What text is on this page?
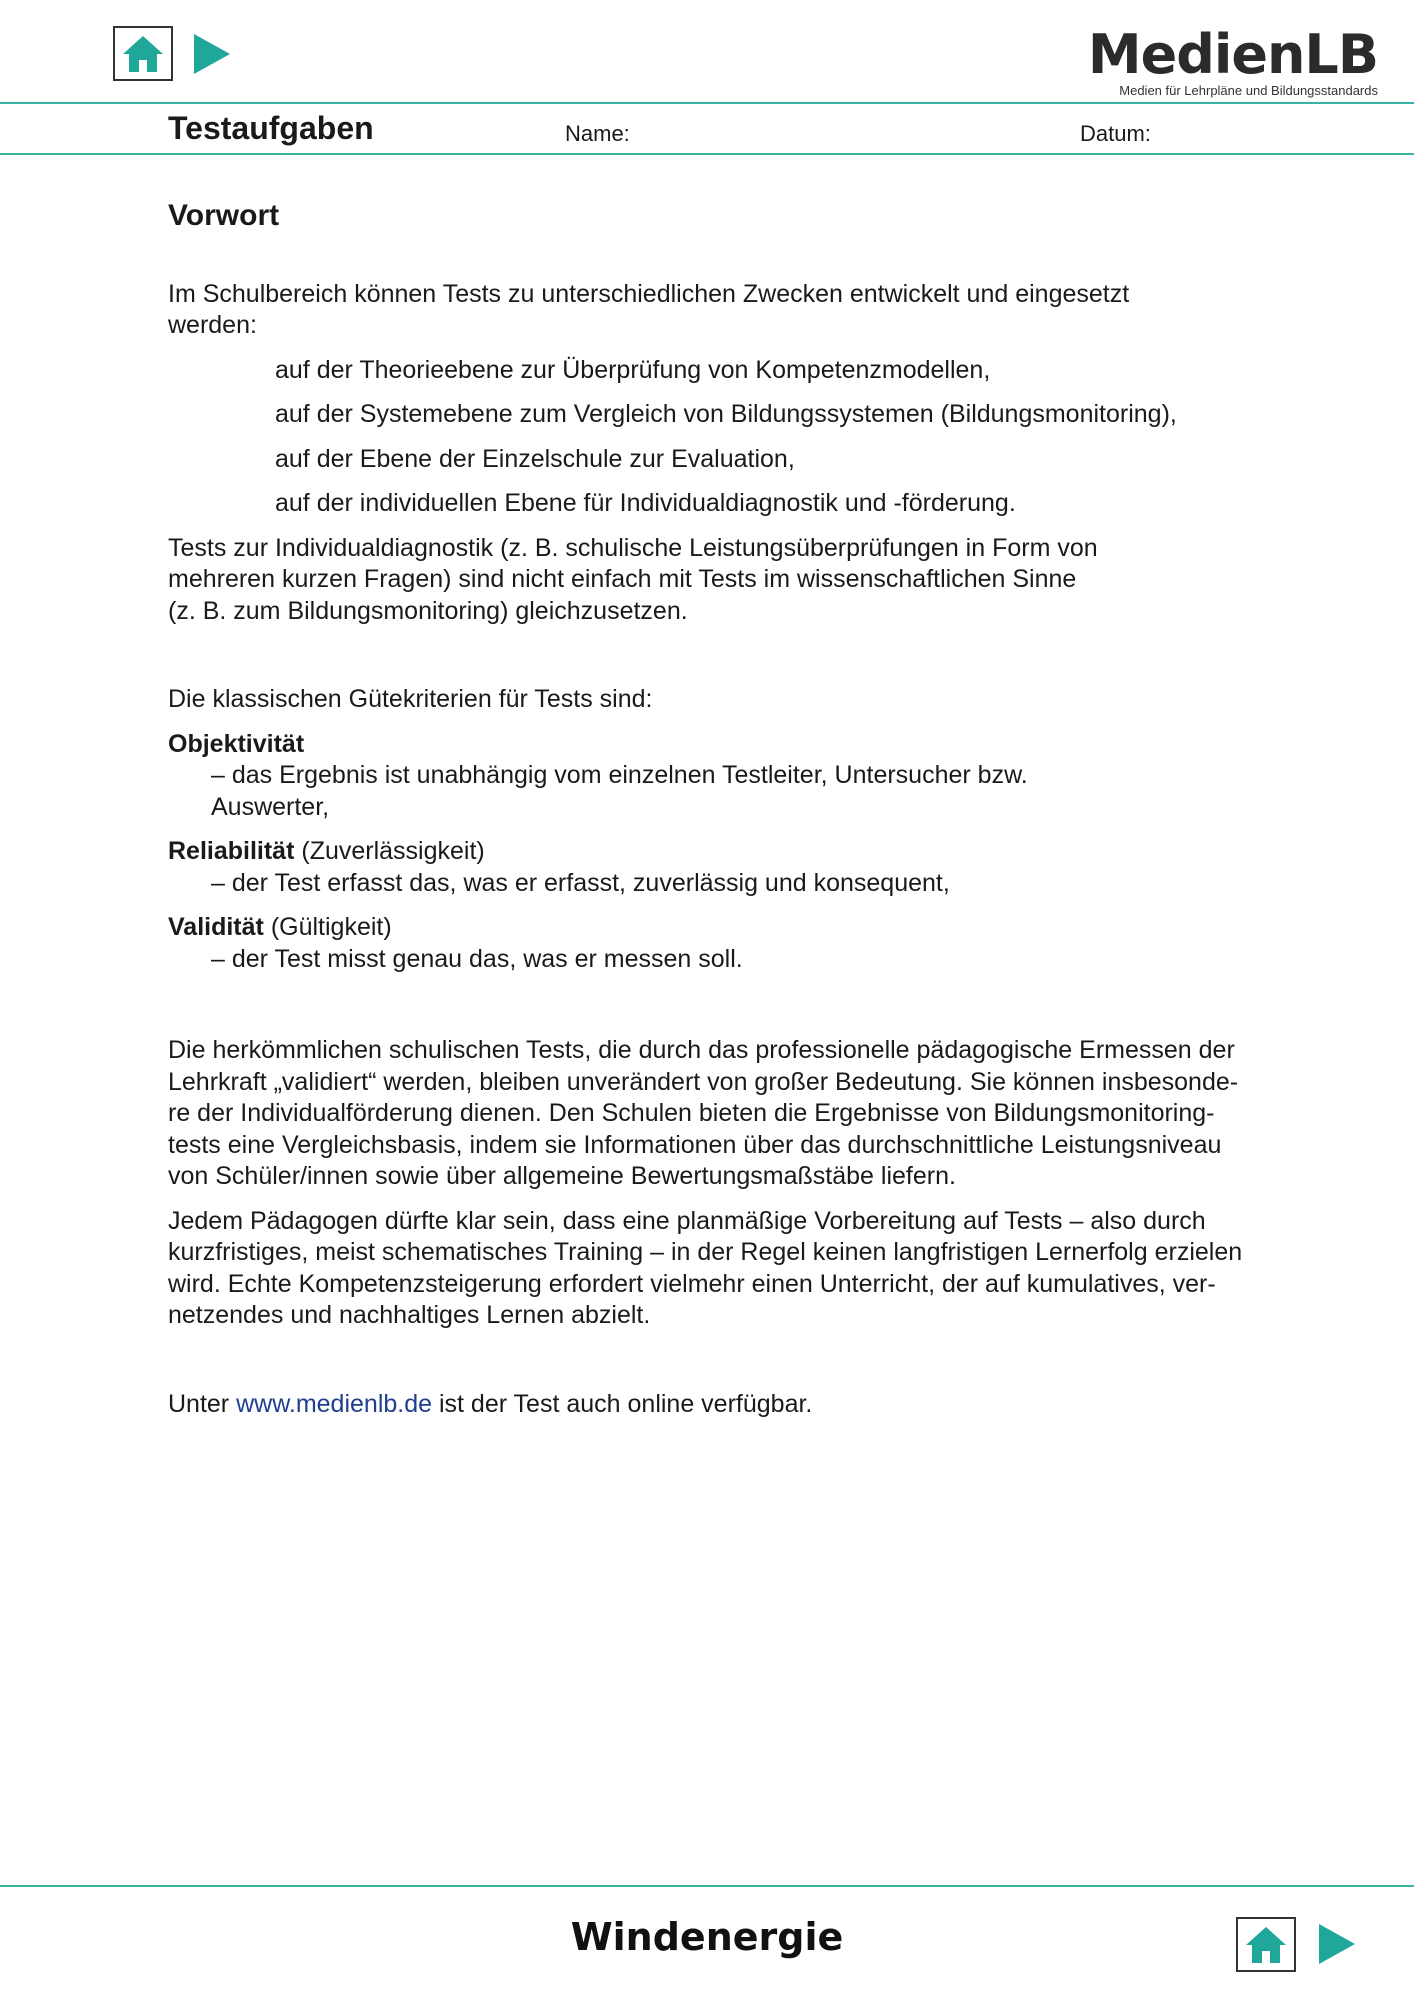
MedienLB
Medien für Lehrpläne und Bildungsstandards
Testaufgaben	Name:	Datum:
Vorwort

Im Schulbereich können Tests zu unterschiedlichen Zwecken entwickelt und eingesetzt werden:

auf der Theorieebene zur Überprüfung von Kompetenzmodellen,

auf der Systemebene zum Vergleich von Bildungssystemen (Bildungsmonitoring),

auf der Ebene der Einzelschule zur Evaluation,

auf der individuellen Ebene für Individualdiagnostik und -förderung.

Tests zur Individualdiagnostik (z. B. schulische Leistungsüberprüfungen in Form von

mehreren kurzen Fragen) sind nicht einfach mit Tests im wissenschaftlichen Sinne

(z. B. zum Bildungsmonitoring) gleichzusetzen.

Die klassischen Gütekriterien für Tests sind:

Objektivität

– das Ergebnis ist unabhängig vom einzelnen Testleiter, Untersucher bzw.

Auswerter,

Reliabilität (Zuverlässigkeit)

– der Test erfasst das, was er erfasst, zuverlässig und konsequent,

Validität (Gültigkeit)

– der Test misst genau das, was er messen soll.

Die herkömmlichen schulischen Tests, die durch das professionelle pädagogische Ermessen der

Lehrkraft „validiert“ werden, bleiben unverändert von großer Bedeutung. Sie können insbesonde-

re der Individualförderung dienen. Den Schulen bieten die Ergebnisse von Bildungsmonitoring-

tests eine Vergleichsbasis, indem sie Informationen über das durchschnittliche Leistungsniveau

von Schüler/innen sowie über allgemeine Bewertungsmaßstäbe liefern.

Jedem Pädagogen dürfte klar sein, dass eine planmäßige Vorbereitung auf Tests – also durch

kurzfristiges, meist schematisches Training – in der Regel keinen langfristigen Lernerfolg erzielen

wird. Echte Kompetenzsteigerung erfordert vielmehr einen Unterricht, der auf kumulatives, ver-

netzendes und nachhaltiges Lernen abzielt.

Unter www.medienlb.de ist der Test auch online verfügbar.

Windenergie
